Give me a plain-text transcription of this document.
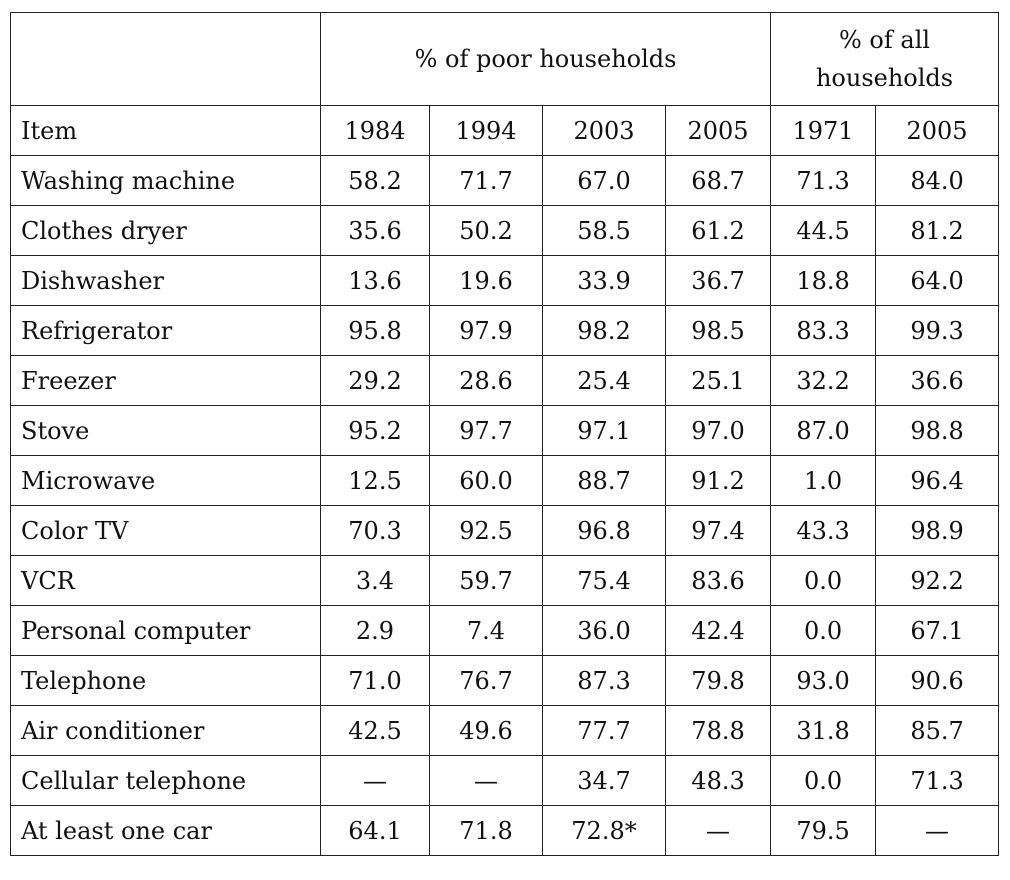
	% of poor households				% of all households	
Item	1984	1994	2003	2005	1971	2005
Washing machine	58.2	71.7	67.0	68.7	71.3	84.0
Clothes dryer	35.6	50.2	58.5	61.2	44.5	81.2
Dishwasher	13.6	19.6	33.9	36.7	18.8	64.0
Refrigerator	95.8	97.9	98.2	98.5	83.3	99.3
Freezer	29.2	28.6	25.4	25.1	32.2	36.6
Stove	95.2	97.7	97.1	97.0	87.0	98.8
Microwave	12.5	60.0	88.7	91.2	1.0	96.4
Color TV	70.3	92.5	96.8	97.4	43.3	98.9
VCR	3.4	59.7	75.4	83.6	0.0	92.2
Personal computer	2.9	7.4	36.0	42.4	0.0	67.1
Telephone	71.0	76.7	87.3	79.8	93.0	90.6
Air conditioner	42.5	49.6	77.7	78.8	31.8	85.7
Cellular telephone	—	—	34.7	48.3	0.0	71.3
At least one car	64.1	71.8	72.8*	—	79.5	—
